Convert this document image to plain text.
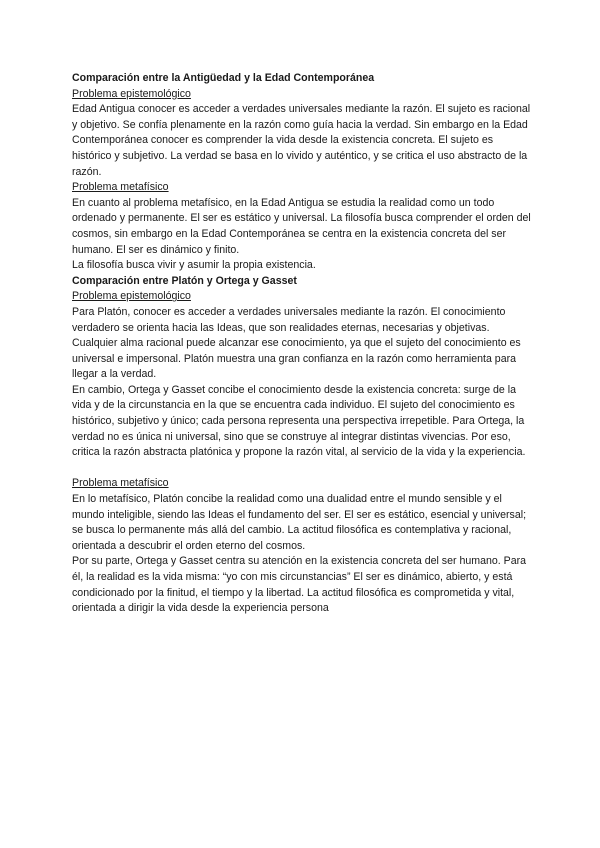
Comparación entre la Antigüedad y la Edad Contemporánea
Problema epistemológico

Edad Antigua conocer es acceder a verdades universales mediante la razón. El sujeto es racional y objetivo. Se confía plenamente en la razón como guía hacia la verdad. Sin embargo en la Edad Contemporánea conocer es comprender la vida desde la existencia concreta. El sujeto es histórico y subjetivo. La verdad se basa en lo vivido y auténtico, y se critica el uso abstracto de la razón.

Problema metafísico

En cuanto al problema metafísico, en la Edad Antigua se estudia la realidad como un todo ordenado y permanente. El ser es estático y universal. La filosofía busca comprender el orden del cosmos, sin embargo en la Edad Contemporánea se centra en la existencia concreta del ser humano. El ser es dinámico y finito.

La filosofía busca vivir y asumir la propia existencia.

Comparación entre Platón y Ortega y Gasset
Problema epistemológico

Para Platón, conocer es acceder a verdades universales mediante la razón. El conocimiento verdadero se orienta hacia las Ideas, que son realidades eternas, necesarias y objetivas. Cualquier alma racional puede alcanzar ese conocimiento, ya que el sujeto del conocimiento es universal e impersonal. Platón muestra una gran confianza en la razón como herramienta para llegar a la verdad.

En cambio, Ortega y Gasset concibe el conocimiento desde la existencia concreta: surge de la vida y de la circunstancia en la que se encuentra cada individuo. El sujeto del conocimiento es histórico, subjetivo y único; cada persona representa una perspectiva irrepetible. Para Ortega, la verdad no es única ni universal, sino que se construye al integrar distintas vivencias. Por eso, critica la razón abstracta platónica y propone la razón vital, al servicio de la vida y la experiencia.

Problema metafísico

En lo metafísico, Platón concibe la realidad como una dualidad entre el mundo sensible y el mundo inteligible, siendo las Ideas el fundamento del ser. El ser es estático, esencial y universal; se busca lo permanente más allá del cambio. La actitud filosófica es contemplativa y racional, orientada a descubrir el orden eterno del cosmos.

Por su parte, Ortega y Gasset centra su atención en la existencia concreta del ser humano. Para él, la realidad es la vida misma: “yo con mis circunstancias” El ser es dinámico, abierto, y está condicionado por la finitud, el tiempo y la libertad. La actitud filosófica es comprometida y vital, orientada a dirigir la vida desde la experiencia persona
